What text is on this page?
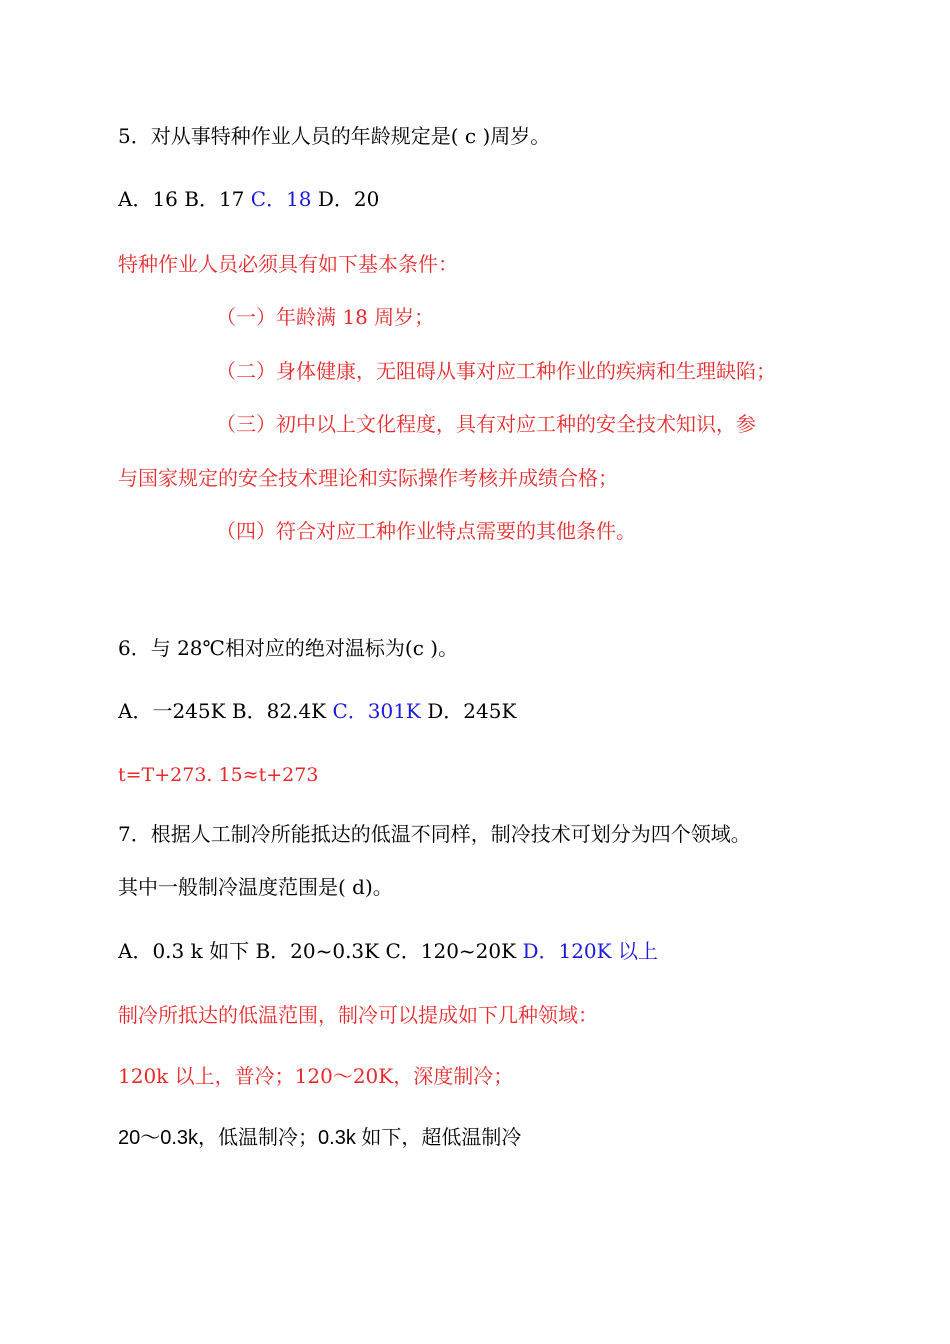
5．对从事特种作业人员的年龄规定是( c )周岁。
A．16 B．17 C．18 D．20
特种作业人员必须具有如下基本条件：
（一）年龄满 18 周岁；
（二）身体健康，无阻碍从事对应工种作业的疾病和生理缺陷；
（三）初中以上文化程度，具有对应工种的安全技术知识，参
与国家规定的安全技术理论和实际操作考核并成绩合格；
（四）符合对应工种作业特点需要的其他条件。
6．与 28℃相对应的绝对温标为(c )。
A．一245K B．82.4K C．301K D．245K
t=T+273. 15≈t+273
7．根据人工制冷所能抵达的低温不同样，制冷技术可划分为四个领域。
其中一般制冷温度范围是( d)。
A．0.3 k 如下 B．20~0.3K C．120~20K D．120K 以上
制冷所抵达的低温范围，制冷可以提成如下几种领域：
120k 以上，普冷；120～20K，深度制冷；
20～0.3k，低温制冷；0.3k 如下，超低温制冷
